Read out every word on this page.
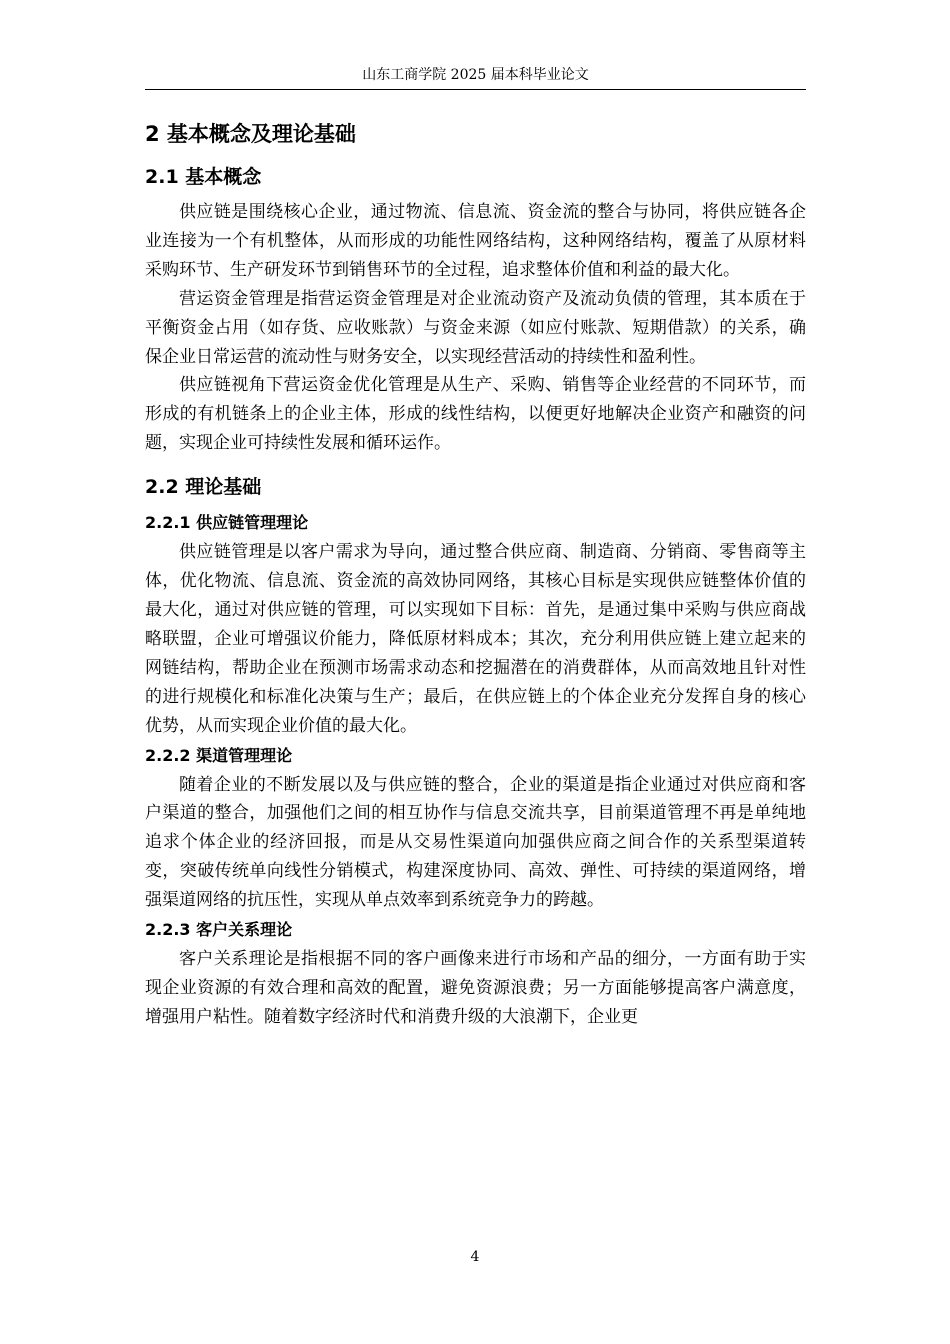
山东工商学院 2025 届本科毕业论文
2 基本概念及理论基础
2.1 基本概念

供应链是围绕核心企业，通过物流、信息流、资金流的整合与协同，将供应链各企业连接为一个有机整体，从而形成的功能性网络结构，这种网络结构，覆盖了从原材料采购环节、生产研发环节到销售环节的全过程，追求整体价值和利益的最大化。

营运资金管理是指营运资金管理是对企业流动资产及流动负债的管理，其本质在于平衡资金占用（如存货、应收账款）与资金来源（如应付账款、短期借款）的关系，确保企业日常运营的流动性与财务安全，以实现经营活动的持续性和盈利性。

供应链视角下营运资金优化管理是从生产、采购、销售等企业经营的不同环节，而形成的有机链条上的企业主体，形成的线性结构，以便更好地解决企业资产和融资的问题，实现企业可持续性发展和循环运作。

2.2 理论基础
2.2.1 供应链管理理论

供应链管理是以客户需求为导向，通过整合供应商、制造商、分销商、零售商等主体，优化物流、信息流、资金流的高效协同网络，其核心目标是实现供应链整体价值的最大化，通过对供应链的管理，可以实现如下目标：首先，是通过集中采购与供应商战略联盟，企业可增强议价能力，降低原材料成本；其次，充分利用供应链上建立起来的网链结构，帮助企业在预测市场需求动态和挖掘潜在的消费群体，从而高效地且针对性的进行规模化和标准化决策与生产；最后，在供应链上的个体企业充分发挥自身的核心优势，从而实现企业价值的最大化。

2.2.2 渠道管理理论

随着企业的不断发展以及与供应链的整合，企业的渠道是指企业通过对供应商和客户渠道的整合，加强他们之间的相互协作与信息交流共享，目前渠道管理不再是单纯地追求个体企业的经济回报，而是从交易性渠道向加强供应商之间合作的关系型渠道转变，突破传统单向线性分销模式，构建深度协同、高效、弹性、可持续的渠道网络，增强渠道网络的抗压性，实现从单点效率到系统竞争力的跨越。

2.2.3 客户关系理论

客户关系理论是指根据不同的客户画像来进行市场和产品的细分，一方面有助于实现企业资源的有效合理和高效的配置，避免资源浪费；另一方面能够提高客户满意度，增强用户粘性。随着数字经济时代和消费升级的大浪潮下，企业更

4
